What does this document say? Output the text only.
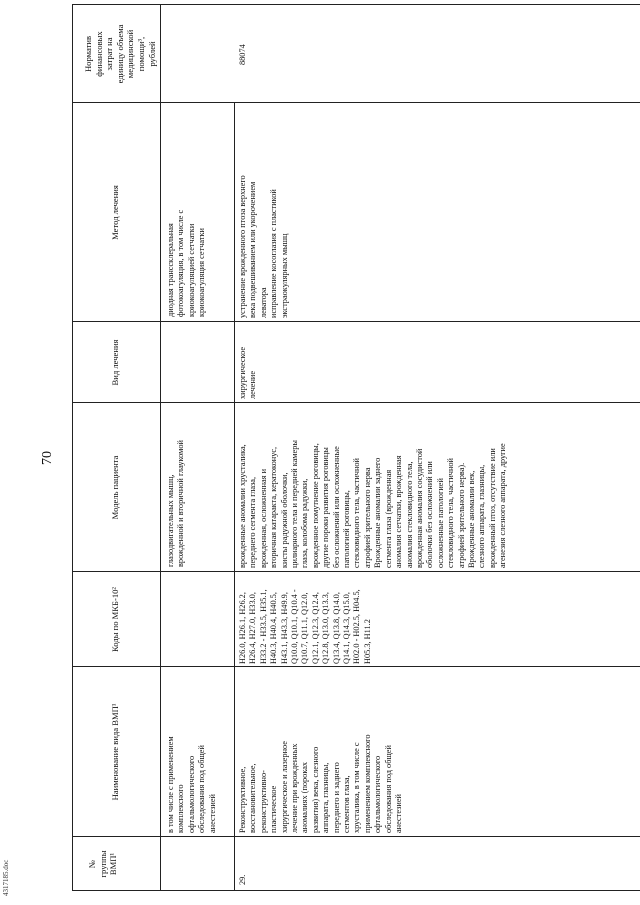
70
№
группы
ВМП¹
Наименование вида ВМП¹
Коды по МКБ-10²
Модель пациента
Вид лечения
Метод лечения
Норматив
финансовых
затрат на
единицу объема
медицинской
помощи³,
рублей
в том числе с применением
комплексного
офтальмологического
обследования под общей
анестезией
глазодвигательных мышц,
врожденной и вторичной глаукомой
диодная транссклеральная
фотокоагуляция, в том числе с
криокоагуляцией сетчатки
криокоагуляция сетчатки
29.
Реконструктивное,
восстановительное,
реконструктивно-
пластическое
хирургическое и лазерное
лечение при врожденных
аномалиях (пороках
развития) века, слезного
аппарата, глазницы,
переднего и заднего
сегментов глаза,
хрусталика, в том числе с
применением комплексного
офтальмологического
обследования под общей
анестезией
H26.0, H26.1, H26.2,
H26.4, H27.0, H33.0,
H33.2 - H33.5, H35.1,
H40.3, H40.4, H40.5,
H43.1, H43.3, H49.9,
Q10.0, Q10.1, Q10.4 -
Q10.7, Q11.1, Q12.0,
Q12.1, Q12.3, Q12.4,
Q12.8, Q13.0, Q13.3,
Q13.4, Q13.8, Q14.0,
Q14.1, Q14.3, Q15.0,
H02.0 - H02.5, H04.5,
H05.3, H11.2
врожденные аномалии хрусталика,
переднего сегмента глаза,
врожденная, осложненная и
вторичная катаракта, кератоконус,
кисты радужной оболочки,
цилиарного тела и передней камеры
глаза, колобома радужки,
врожденное помутнение роговицы,
другие пороки развития роговицы
без осложнений или осложненные
патологией роговицы,
стекловидного тела, частичной
атрофией зрительного нерва
Врожденные аномалии заднего
сегмента глаза (врожденная
аномалия сетчатки, врожденная
аномалия стекловидного тела,
врожденная аномалия сосудистой
оболочки без осложнений или
осложненные патологией
стекловидного тела, частичной
атрофией зрительного нерва).
Врожденные аномалии век,
слезного аппарата, глазницы,
врожденный птоз, отсутствие или
агенезия слезного аппарата, другие
хирургическое
лечение
устранение врожденного птоза верхнего
века подвешиванием или укорочением
леватора
исправление косоглазия с пластикой
экстраокулярных мышц
88074
4317185.doc
